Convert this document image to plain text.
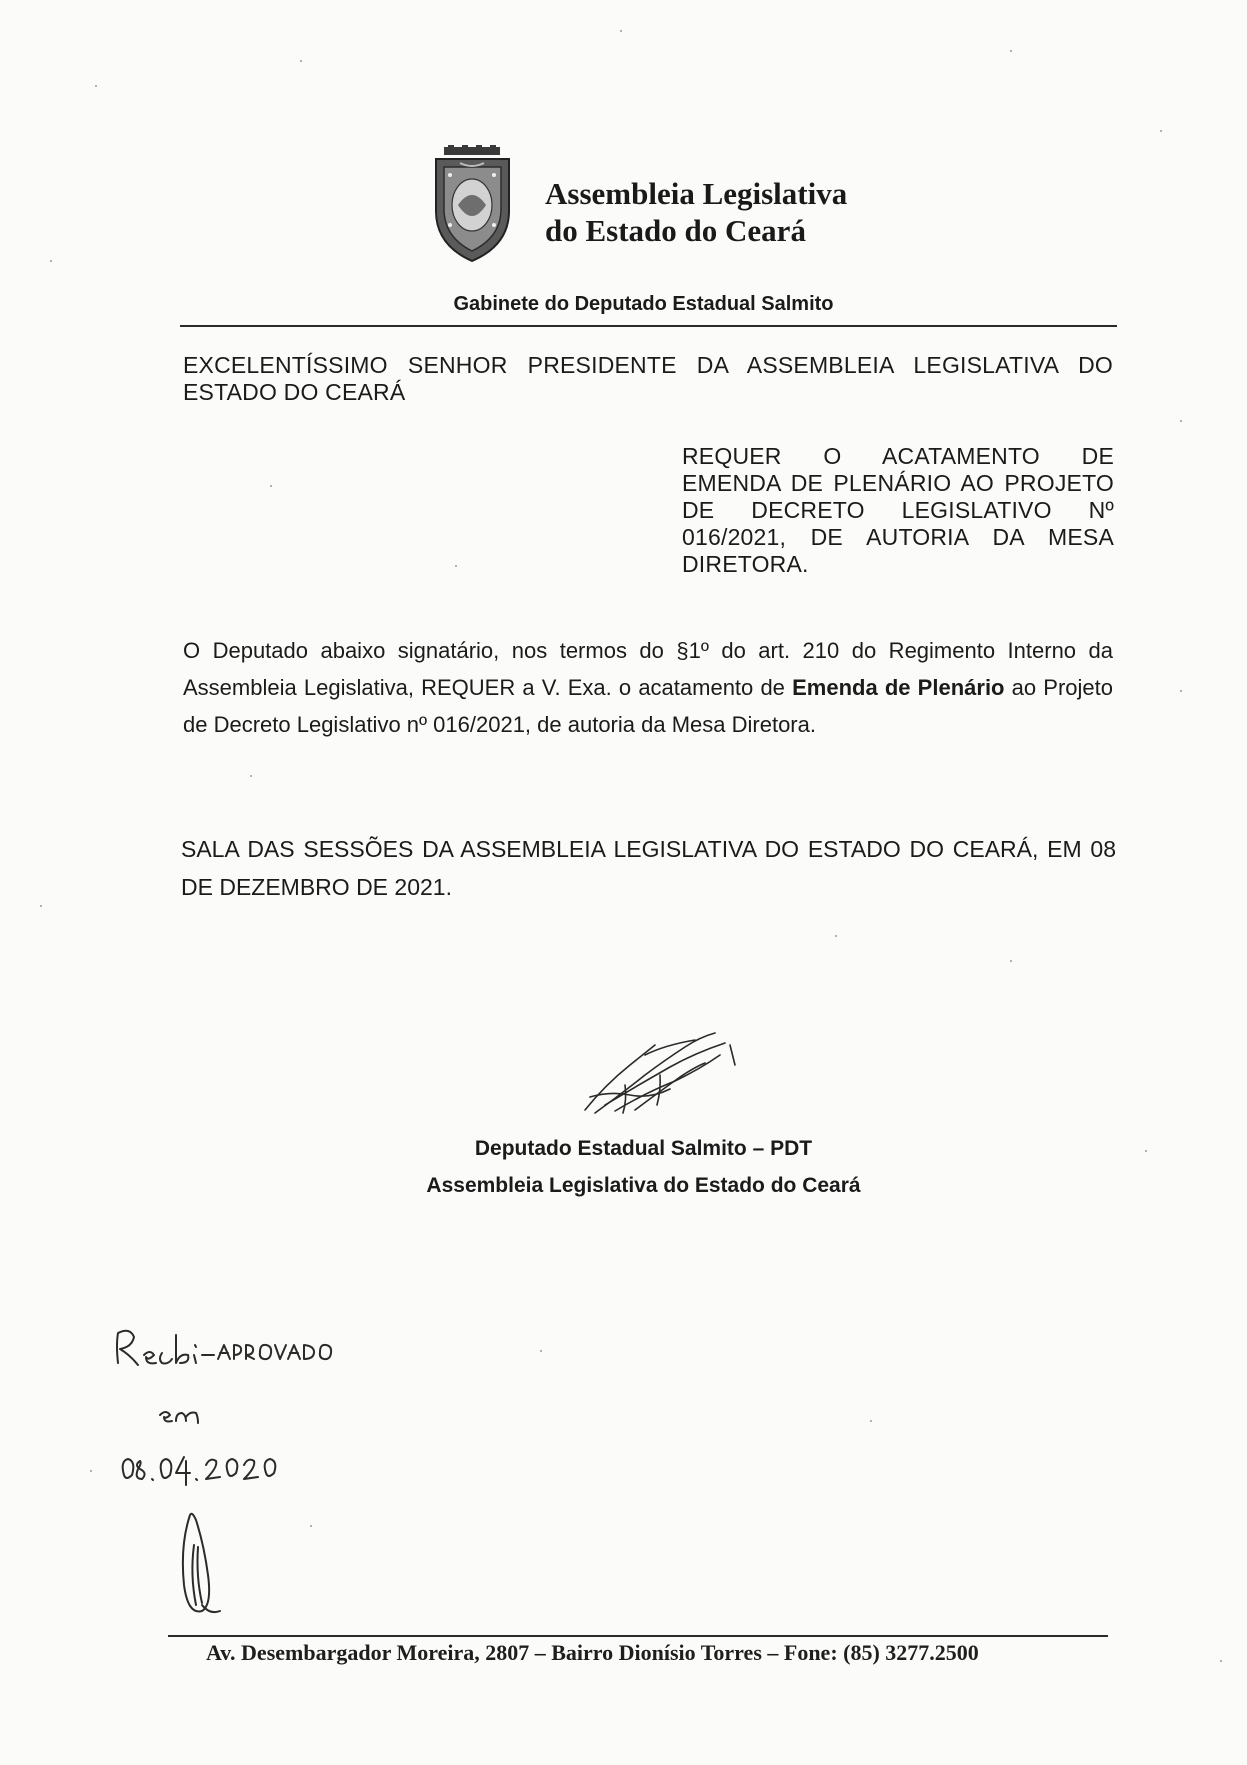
Assembleia Legislativa
do Estado do Ceará
Gabinete do Deputado Estadual Salmito
EXCELENTÍSSIMO SENHOR PRESIDENTE DA ASSEMBLEIA LEGISLATIVA DO ESTADO DO CEARÁ
REQUER O ACATAMENTO DE EMENDA DE PLENÁRIO AO PROJETO DE DECRETO LEGISLATIVO Nº 016/2021, DE AUTORIA DA MESA DIRETORA.
O Deputado abaixo signatário, nos termos do §1º do art. 210 do Regimento Interno da Assembleia Legislativa, REQUER a V. Exa. o acatamento de Emenda de Plenário ao Projeto de Decreto Legislativo nº 016/2021, de autoria da Mesa Diretora.
SALA DAS SESSÕES DA ASSEMBLEIA LEGISLATIVA DO ESTADO DO CEARÁ, EM 08 DE DEZEMBRO DE 2021.
Deputado Estadual Salmito – PDT
Assembleia Legislativa do Estado do Ceará
Av. Desembargador Moreira, 2807 – Bairro Dionísio Torres – Fone: (85) 3277.2500
